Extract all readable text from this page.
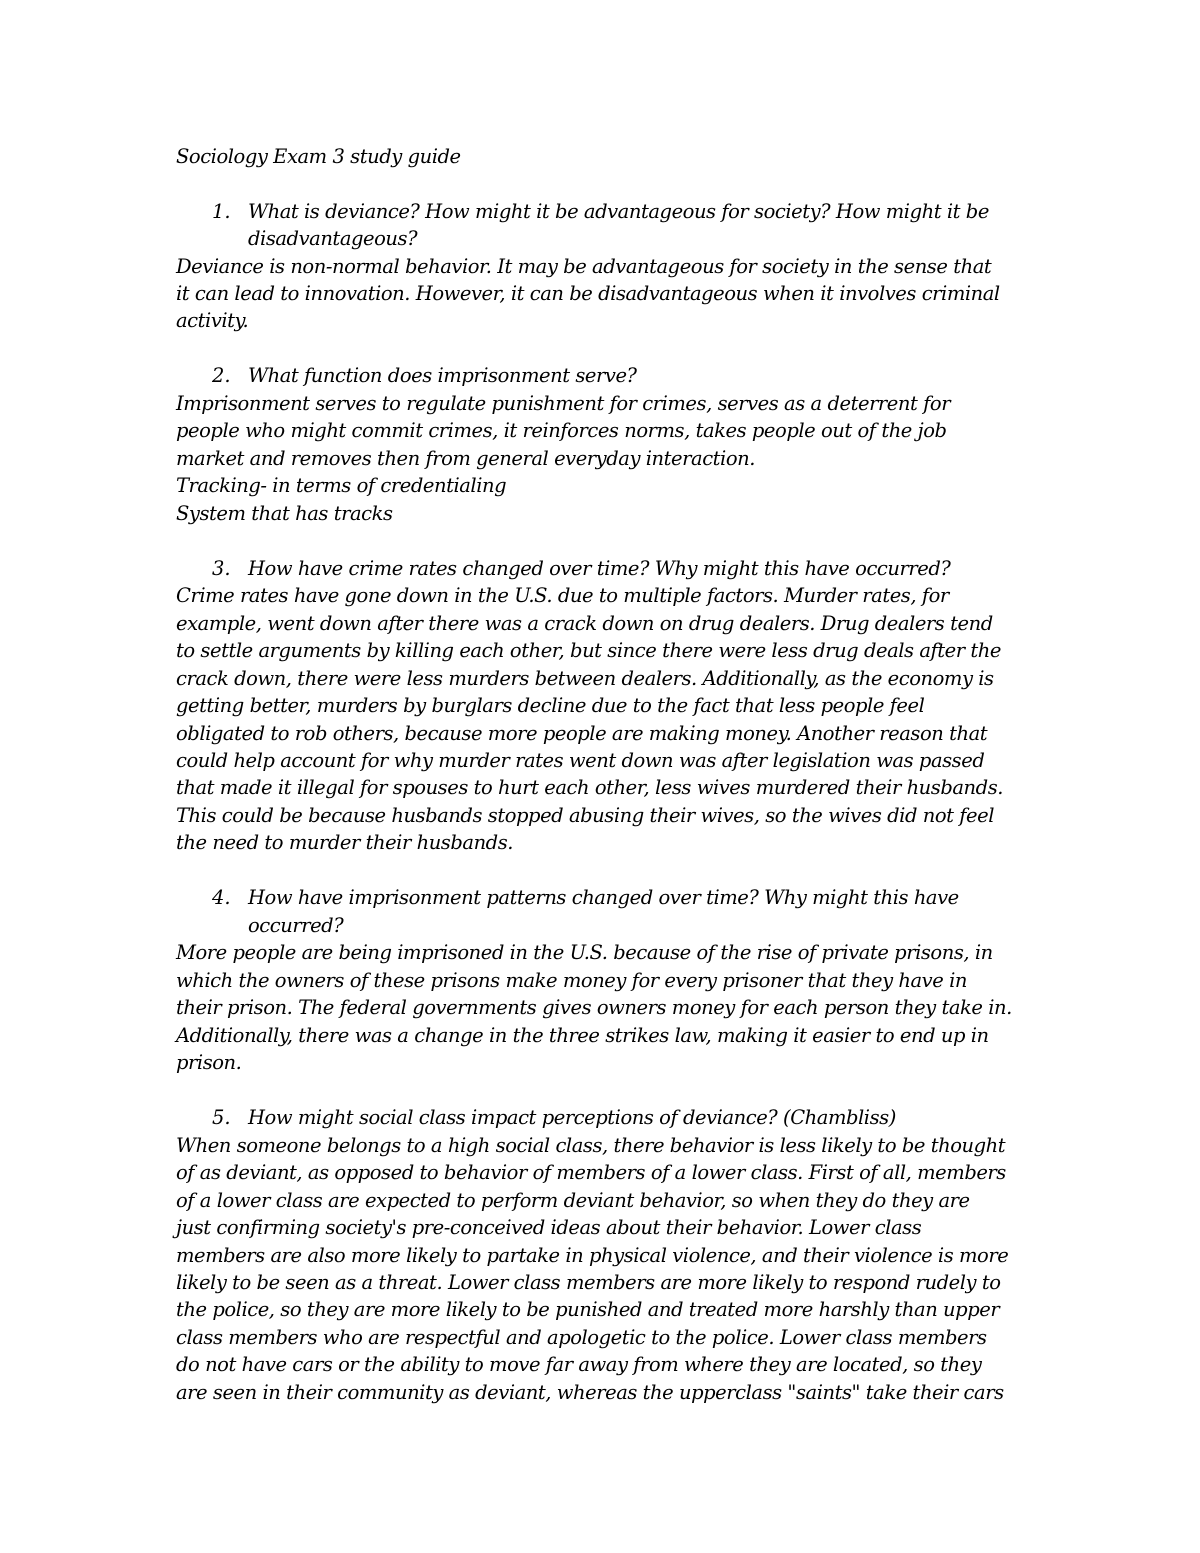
Sociology Exam 3 study guide
1. What is deviance? How might it be advantageous for society? How might it be
disadvantageous?
Deviance is non-normal behavior. It may be advantageous for society in the sense that
it can lead to innovation. However, it can be disadvantageous when it involves criminal
activity.
2. What function does imprisonment serve?
Imprisonment serves to regulate punishment for crimes, serves as a deterrent for
people who might commit crimes, it reinforces norms, takes people out of the job
market and removes then from general everyday interaction.
Tracking- in terms of credentialing
System that has tracks
3. How have crime rates changed over time? Why might this have occurred?
Crime rates have gone down in the U.S. due to multiple factors. Murder rates, for
example, went down after there was a crack down on drug dealers. Drug dealers tend
to settle arguments by killing each other, but since there were less drug deals after the
crack down, there were less murders between dealers. Additionally, as the economy is
getting better, murders by burglars decline due to the fact that less people feel
obligated to rob others, because more people are making money. Another reason that
could help account for why murder rates went down was after legislation was passed
that made it illegal for spouses to hurt each other, less wives murdered their husbands.
This could be because husbands stopped abusing their wives, so the wives did not feel
the need to murder their husbands.
4. How have imprisonment patterns changed over time? Why might this have
occurred?
More people are being imprisoned in the U.S. because of the rise of private prisons, in
which the owners of these prisons make money for every prisoner that they have in
their prison. The federal governments gives owners money for each person they take in.
Additionally, there was a change in the three strikes law, making it easier to end up in
prison.
5. How might social class impact perceptions of deviance? (Chambliss)
When someone belongs to a high social class, there behavior is less likely to be thought
of as deviant, as opposed to behavior of members of a lower class. First of all, members
of a lower class are expected to perform deviant behavior, so when they do they are
just confirming society's pre-conceived ideas about their behavior. Lower class
members are also more likely to partake in physical violence, and their violence is more
likely to be seen as a threat. Lower class members are more likely to respond rudely to
the police, so they are more likely to be punished and treated more harshly than upper
class members who are respectful and apologetic to the police. Lower class members
do not have cars or the ability to move far away from where they are located, so they
are seen in their community as deviant, whereas the upperclass "saints" take their cars
